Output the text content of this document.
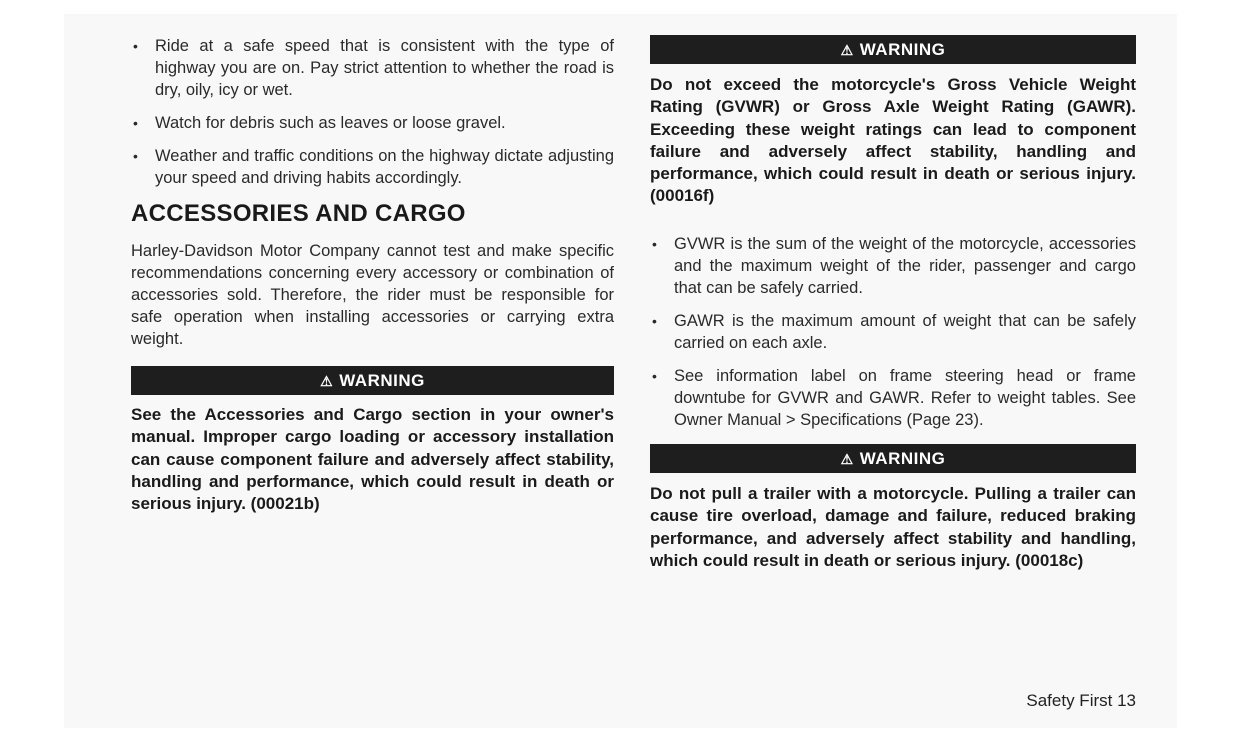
• Ride at a safe speed that is consistent with the type of highway you are on. Pay strict attention to whether the road is dry, oily, icy or wet.
• Watch for debris such as leaves or loose gravel.
• Weather and traffic conditions on the highway dictate adjusting your speed and driving habits accordingly.
ACCESSORIES AND CARGO

Harley-Davidson Motor Company cannot test and make specific recommendations concerning every accessory or combination of accessories sold. Therefore, the rider must be responsible for safe operation when installing accessories or carrying extra weight.

⚠ WARNING

See the Accessories and Cargo section in your owner's manual. Improper cargo loading or accessory installation can cause component failure and adversely affect stability, handling and performance, which could result in death or serious injury. (00021b)

⚠ WARNING

Do not exceed the motorcycle's Gross Vehicle Weight Rating (GVWR) or Gross Axle Weight Rating (GAWR). Exceeding these weight ratings can lead to component failure and adversely affect stability, handling and performance, which could result in death or serious injury. (00016f)

• GVWR is the sum of the weight of the motorcycle, accessories and the maximum weight of the rider, passenger and cargo that can be safely carried.
• GAWR is the maximum amount of weight that can be safely carried on each axle.
• See information label on frame steering head or frame downtube for GVWR and GAWR. Refer to weight tables. See Owner Manual > Specifications (Page 23).
⚠ WARNING

Do not pull a trailer with a motorcycle. Pulling a trailer can cause tire overload, damage and failure, reduced braking performance, and adversely affect stability and handling, which could result in death or serious injury. (00018c)

Safety First 13
